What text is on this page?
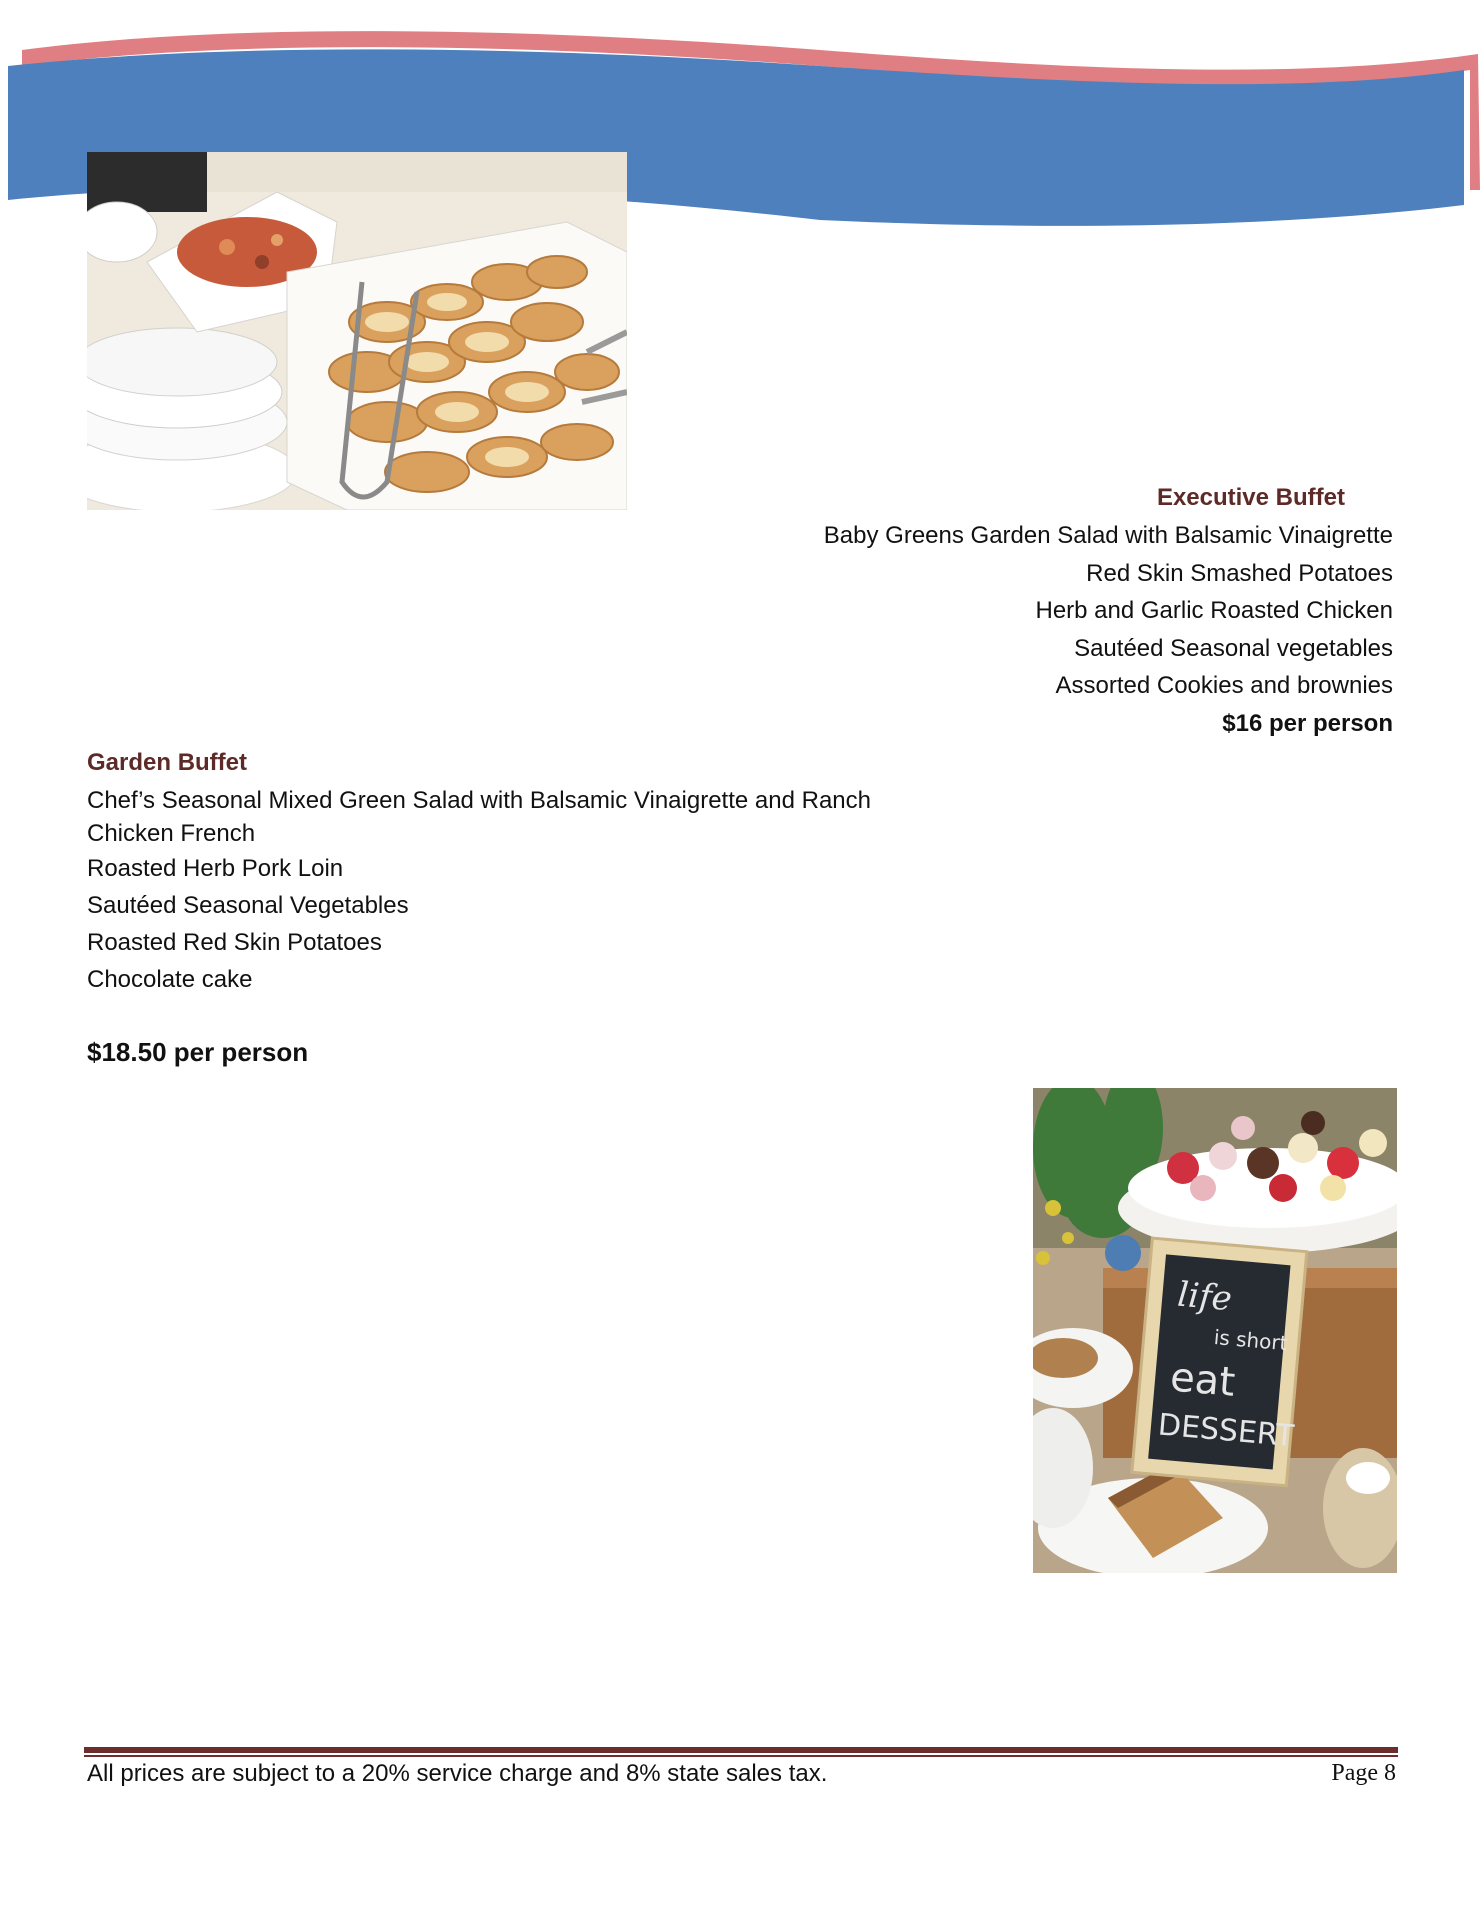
Executive Buffet

Baby Greens Garden Salad with Balsamic Vinaigrette

Red Skin Smashed Potatoes

Herb and Garlic Roasted Chicken

Sautéed Seasonal vegetables

Assorted Cookies and brownies

$16 per person

Garden Buffet

Chef’s Seasonal Mixed Green Salad with Balsamic Vinaigrette and Ranch

Chicken French

Roasted Herb Pork Loin

Sautéed Seasonal Vegetables

Roasted Red Skin Potatoes

Chocolate cake

$18.50 per person

life
is short
eat
DESSERT
All prices are subject to a 20% service charge and 8% state sales tax.	Page 8
